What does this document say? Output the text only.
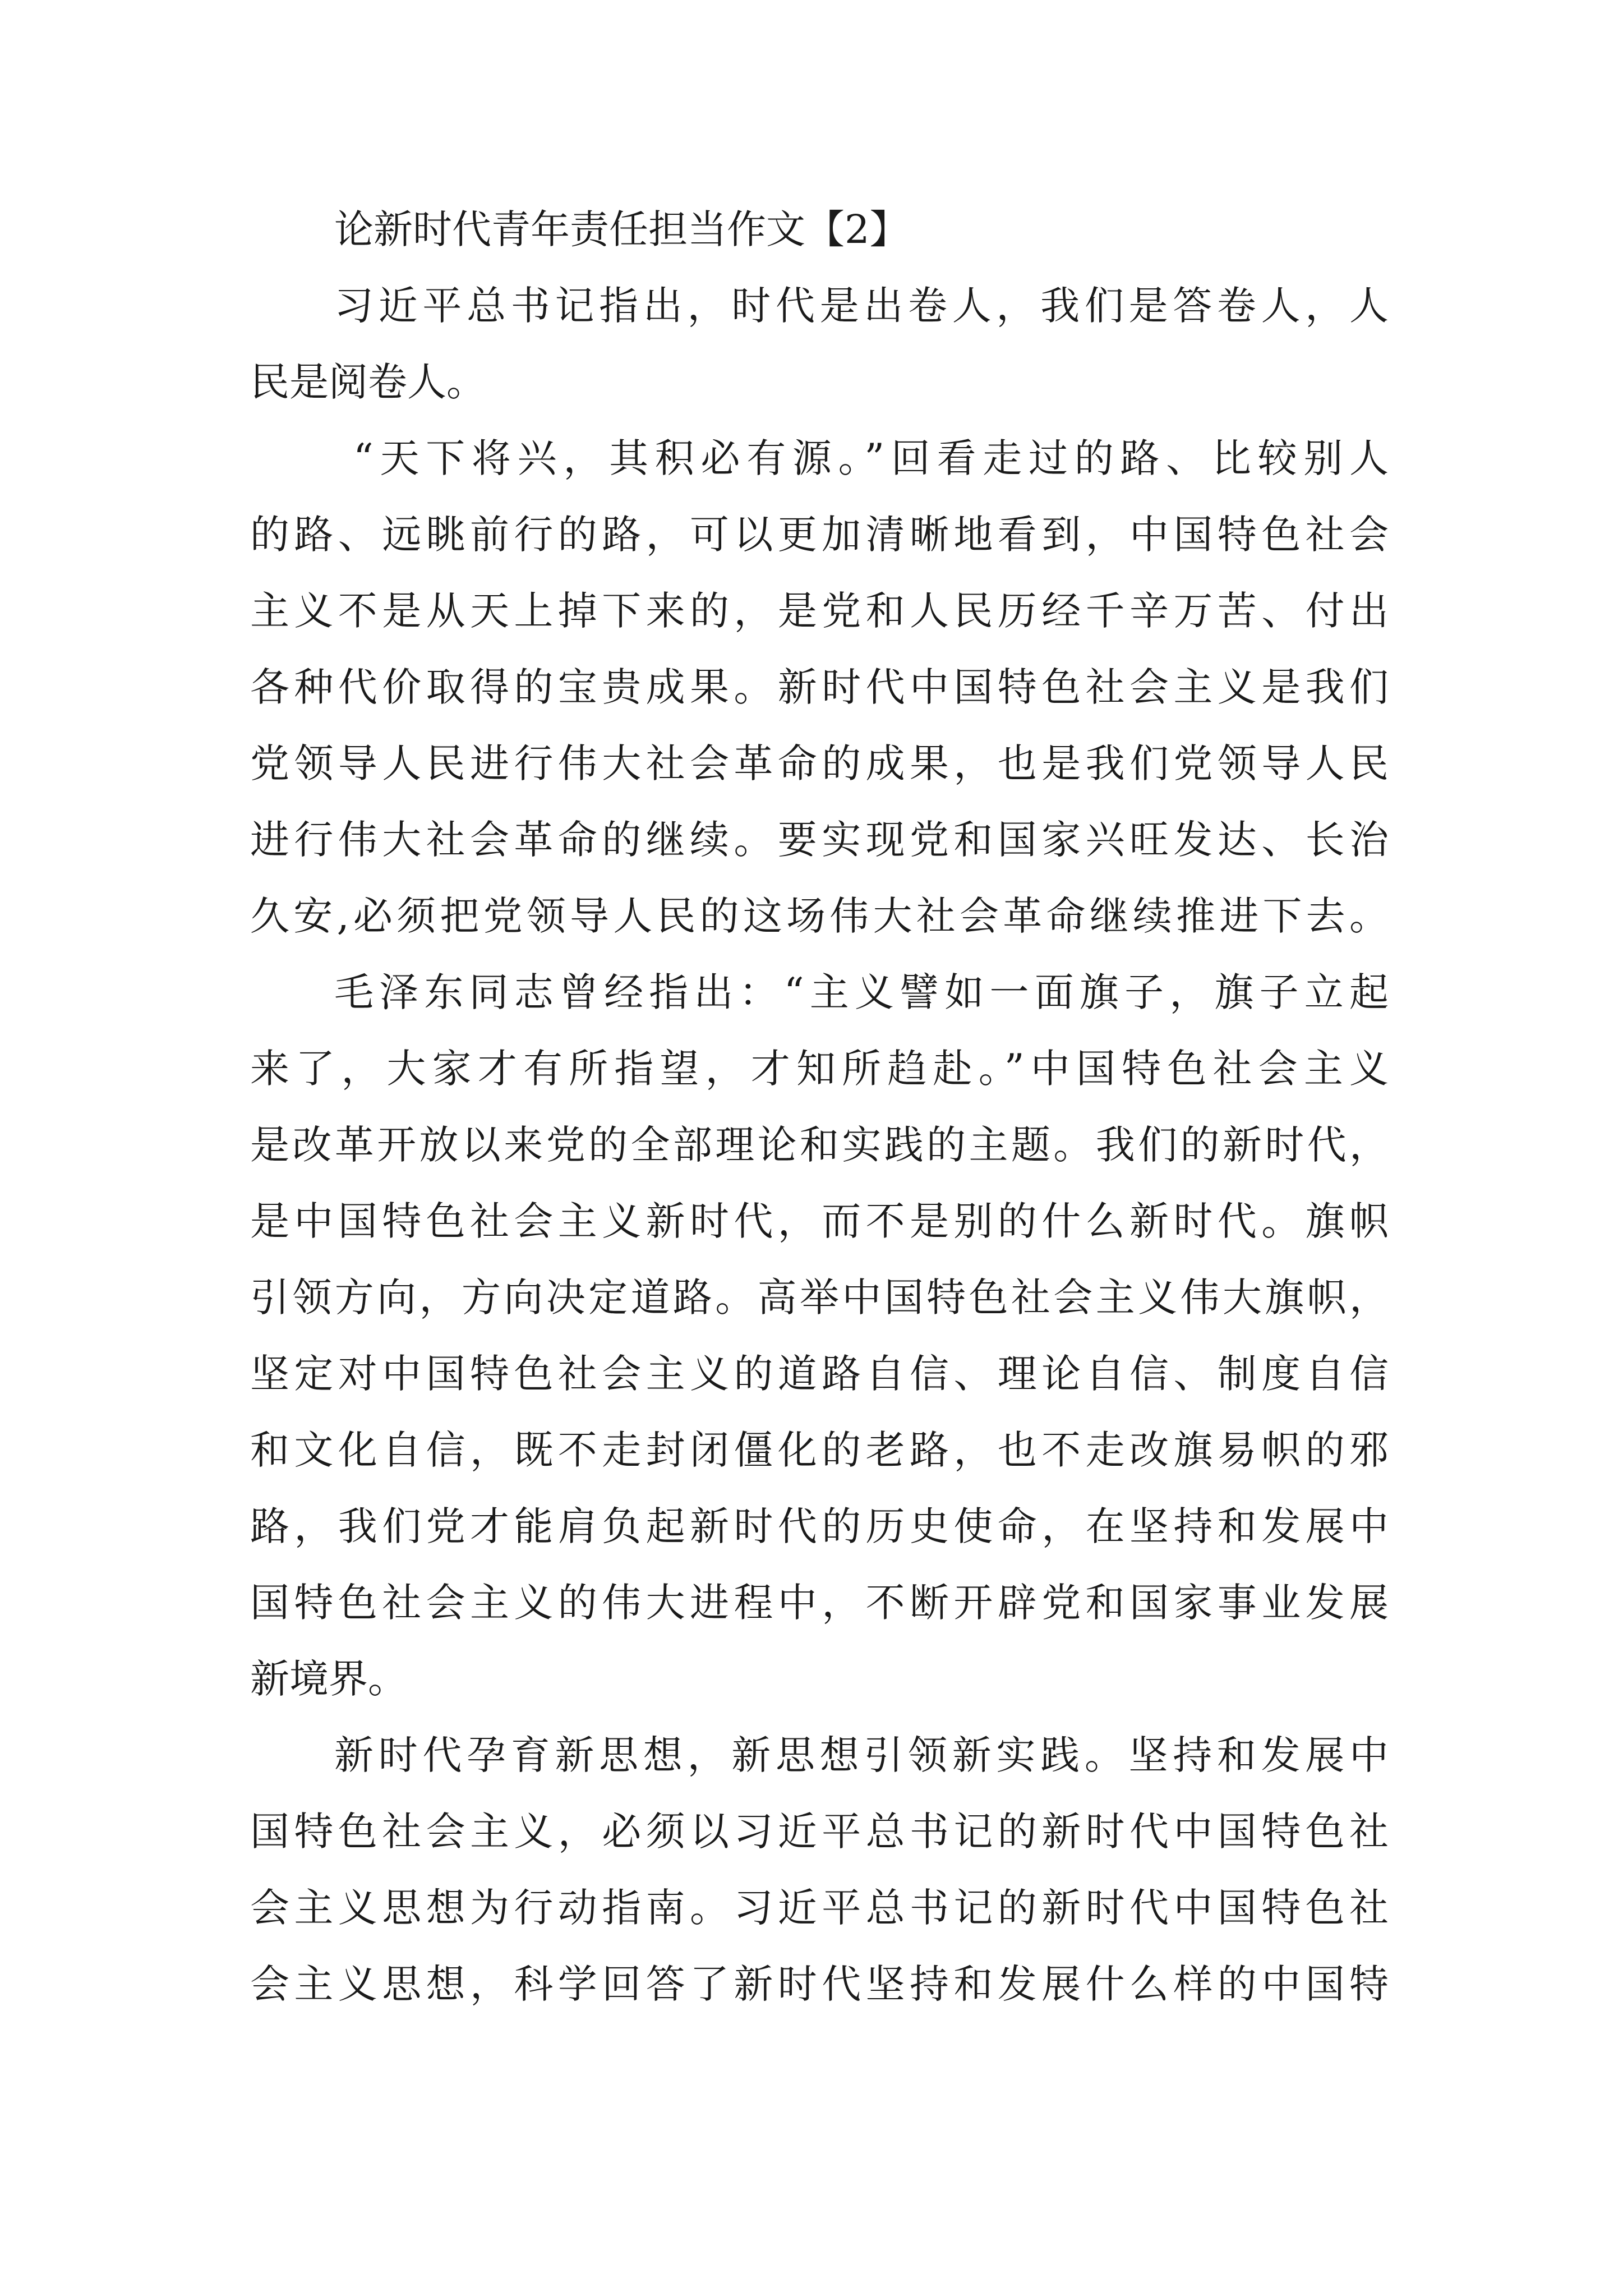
论新时代青年责任担当作文【2】

习近平总书记指出，时代是出卷人，我们是答卷人，人

民是阅卷人。

“天下将兴，其积必有源。”回看走过的路、比较别人

的路、远眺前行的路，可以更加清晰地看到，中国特色社会

主义不是从天上掉下来的，是党和人民历经千辛万苦、付出

各种代价取得的宝贵成果。新时代中国特色社会主义是我们

党领导人民进行伟大社会革命的成果，也是我们党领导人民

进行伟大社会革命的继续。要实现党和国家兴旺发达、长治

久安,必须把党领导人民的这场伟大社会革命继续推进下去。

毛泽东同志曾经指出：“主义譬如一面旗子，旗子立起

来了，大家才有所指望，才知所趋赴。”中国特色社会主义

是改革开放以来党的全部理论和实践的主题。我们的新时代，

是中国特色社会主义新时代，而不是别的什么新时代。旗帜

引领方向，方向决定道路。高举中国特色社会主义伟大旗帜，

坚定对中国特色社会主义的道路自信、理论自信、制度自信

和文化自信，既不走封闭僵化的老路，也不走改旗易帜的邪

路，我们党才能肩负起新时代的历史使命，在坚持和发展中

国特色社会主义的伟大进程中，不断开辟党和国家事业发展

新境界。

新时代孕育新思想，新思想引领新实践。坚持和发展中

国特色社会主义，必须以习近平总书记的新时代中国特色社

会主义思想为行动指南。习近平总书记的新时代中国特色社

会主义思想，科学回答了新时代坚持和发展什么样的中国特
